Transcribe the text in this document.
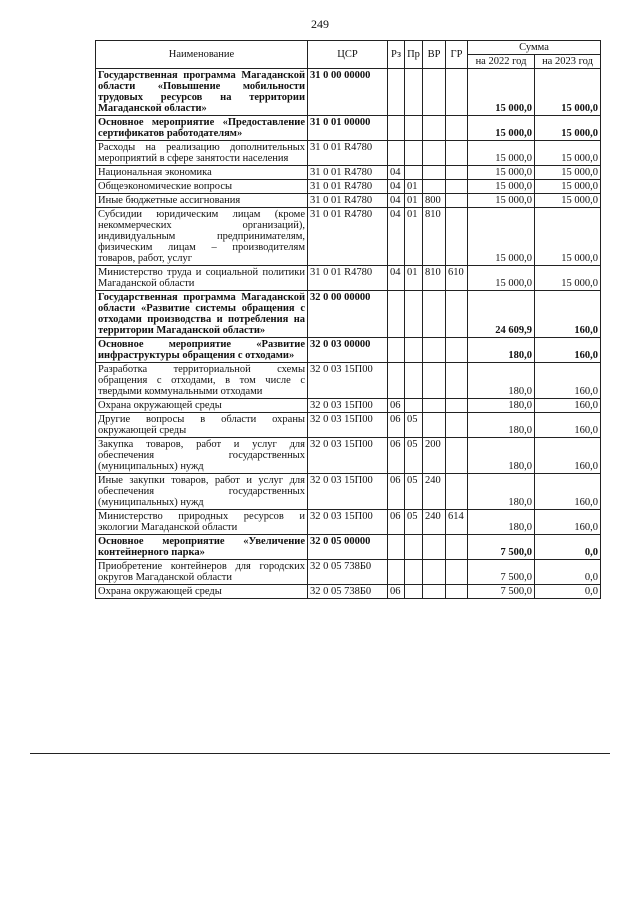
249
Наименование	ЦСР	Рз	Пр	ВР	ГР	Сумма	
						на 2022 год	на 2023 год
Государственная программа Магаданской области «Повышение мобильности трудовых ресурсов на территории Магаданской области»	31 0 00 00000					15 000,0	15 000,0
Основное мероприятие «Предоставление сертификатов работодателям»	31 0 01 00000					15 000,0	15 000,0
Расходы на реализацию дополнительных мероприятий в сфере занятости населения	31 0 01 R4780					15 000,0	15 000,0
Национальная экономика	31 0 01 R4780	04				15 000,0	15 000,0
Общеэкономические вопросы	31 0 01 R4780	04	01			15 000,0	15 000,0
Иные бюджетные ассигнования	31 0 01 R4780	04	01	800		15 000,0	15 000,0
Субсидии юридическим лицам (кроме некоммерческих организаций), индивидуальным предпринимателям, физическим лицам – производителям товаров, работ, услуг	31 0 01 R4780	04	01	810		15 000,0	15 000,0
Министерство труда и социальной политики Магаданской области	31 0 01 R4780	04	01	810	610	15 000,0	15 000,0
Государственная программа Магаданской области «Развитие системы обращения с отходами производства и потребления на территории Магаданской области»	32 0 00 00000					24 609,9	160,0
Основное мероприятие «Развитие инфраструктуры обращения с отходами»	32 0 03 00000					180,0	160,0
Разработка территориальной схемы обращения с отходами, в том числе с твердыми коммунальными отходами	32 0 03 15П00					180,0	160,0
Охрана окружающей среды	32 0 03 15П00	06				180,0	160,0
Другие вопросы в области охраны окружающей среды	32 0 03 15П00	06	05			180,0	160,0
Закупка товаров, работ и услуг для обеспечения государственных (муниципальных) нужд	32 0 03 15П00	06	05	200		180,0	160,0
Иные закупки товаров, работ и услуг для обеспечения государственных (муниципальных) нужд	32 0 03 15П00	06	05	240		180,0	160,0
Министерство природных ресурсов и экологии Магаданской области	32 0 03 15П00	06	05	240	614	180,0	160,0
Основное мероприятие «Увеличение контейнерного парка»	32 0 05 00000					7 500,0	0,0
Приобретение контейнеров для городских округов Магаданской области	32 0 05 738Б0					7 500,0	0,0
Охрана окружающей среды	32 0 05 738Б0	06				7 500,0	0,0
